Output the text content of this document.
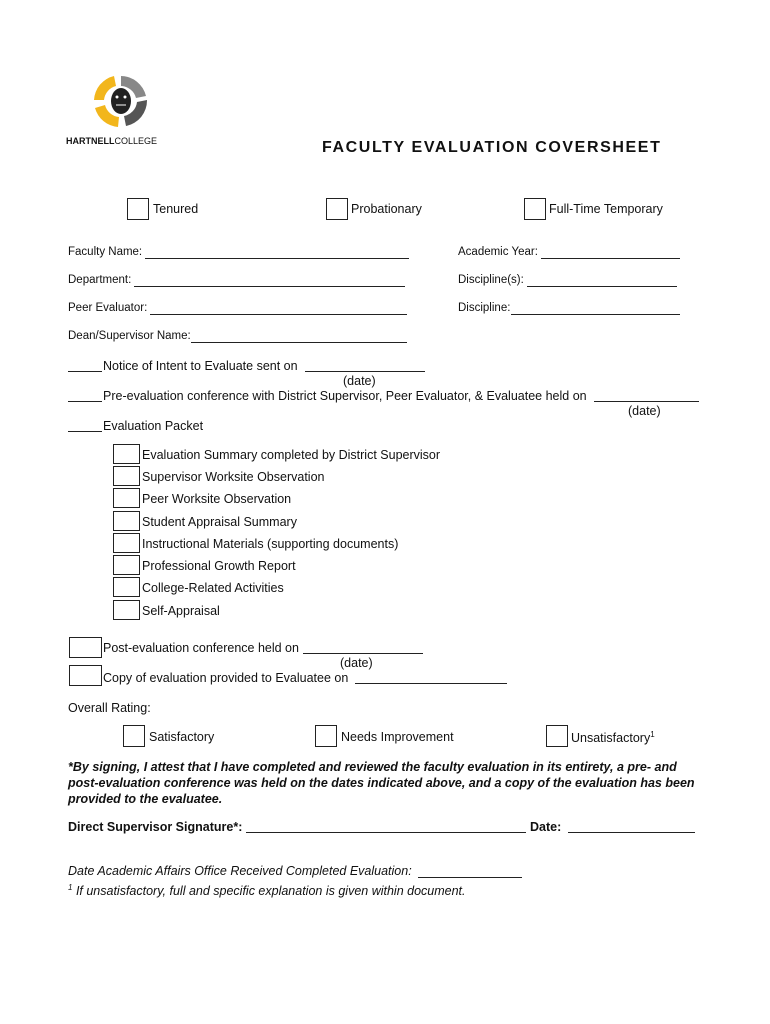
HARTNELLCOLLEGE	FACULTY EVALUATION COVERSHEET
Tenured	Probationary	Full-Time Temporary
Faculty Name:	Academic Year:
Department:	Discipline(s):
Peer Evaluator:	Discipline:
Dean/Supervisor Name:
Notice of Intent to Evaluate sent on
(date)
Pre-evaluation conference with District Supervisor, Peer Evaluator, & Evaluatee held on
(date)
Evaluation Packet
Evaluation Summary completed by District Supervisor
Supervisor Worksite Observation
Peer Worksite Observation
Student Appraisal Summary
Instructional Materials (supporting documents)
Professional Growth Report
College-Related Activities
Self-Appraisal
Post-evaluation conference held on
(date)
Copy of evaluation provided to Evaluatee on
Overall Rating:
Satisfactory	Needs Improvement	Unsatisfactory$^1$
*By signing, I attest that I have completed and reviewed the faculty evaluation in its entirety, a pre- and post-evaluation conference was held on the dates indicated above, and a copy of the evaluation has been provided to the evaluatee.
Direct Supervisor Signature*:	Date:
Date Academic Affairs Office Received Completed Evaluation:
$^1$ If unsatisfactory, full and specific explanation is given within document.
